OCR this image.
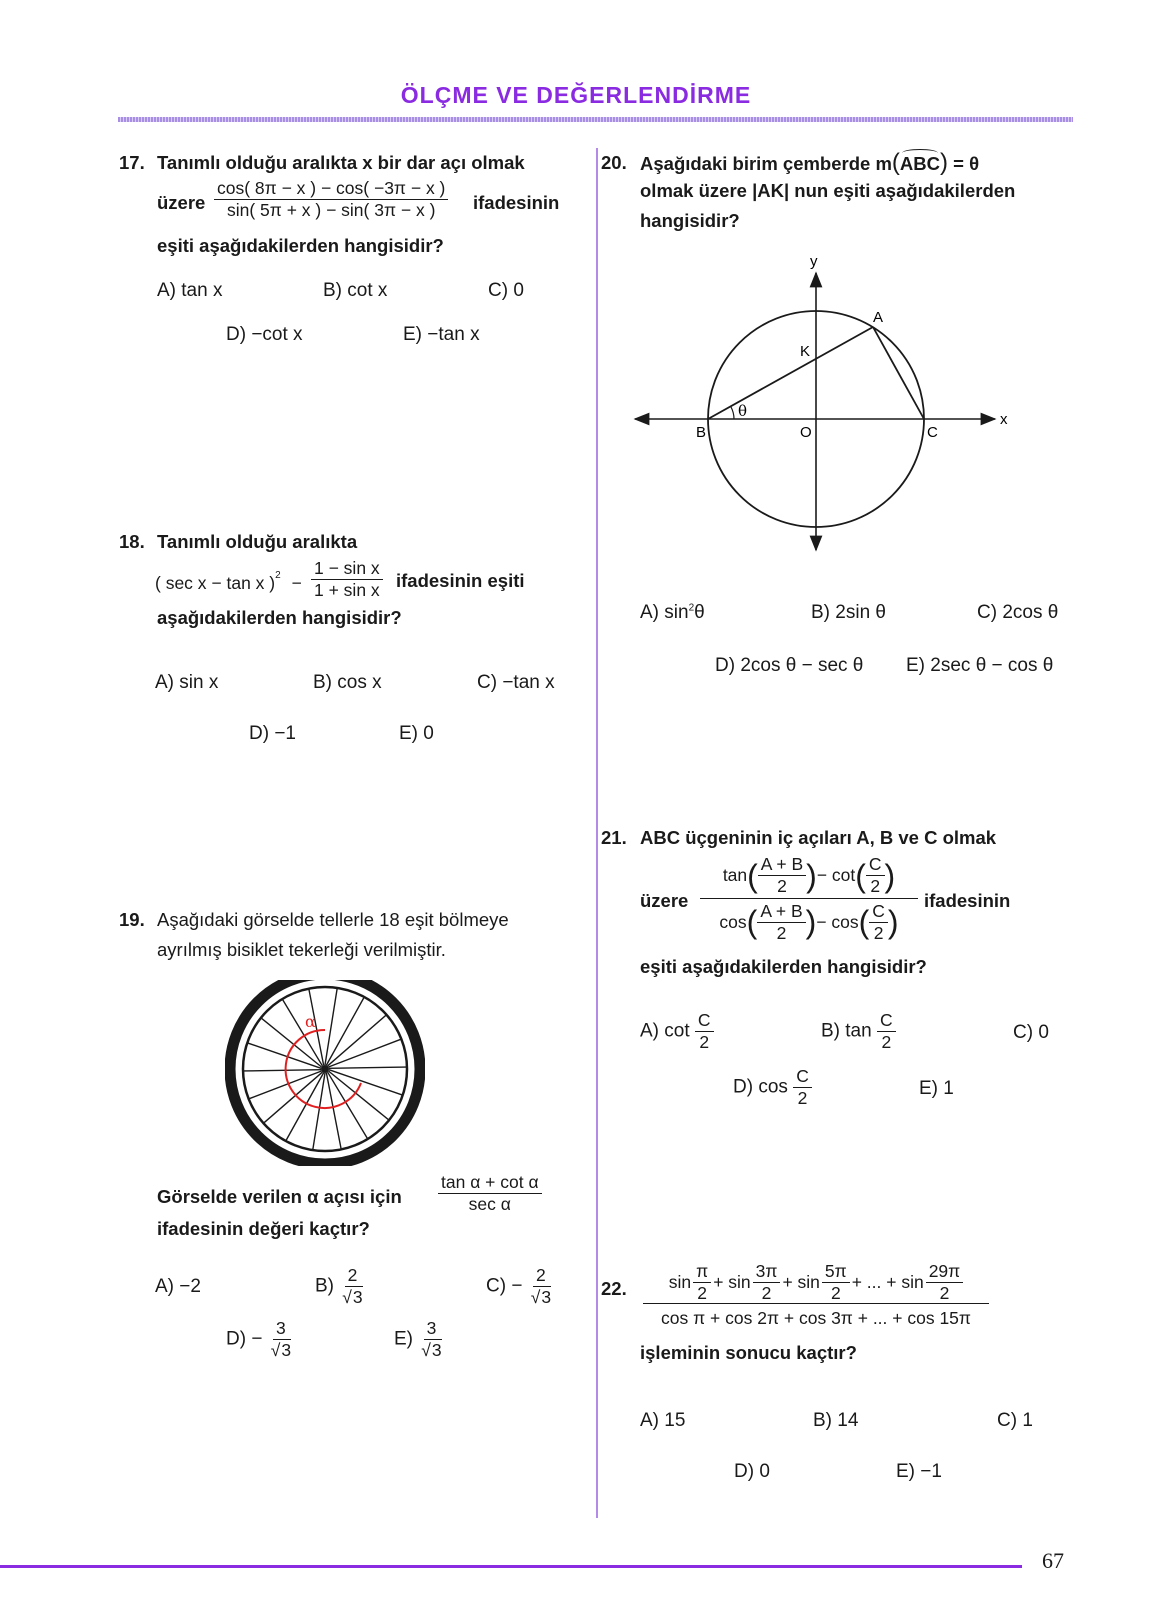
ÖLÇME VE DEĞERLENDİRME
17. Tanımlı olduğu aralıkta x bir dar açı olmak
üzere $\frac{\cos( 8\pi - x ) - \cos( -3\pi - x )}{\sin( 5\pi + x ) - \sin( 3\pi - x )}$ ifadesinin
eşiti aşağıdakilerden hangisidir?
A) tan x	B) cot x	C) 0
D) −cot x	E) −tan x
18. Tanımlı olduğu aralıkta
( sec x − tan x )$^2 - \frac{\text{1 − sin x}}{\text{1 + sin x}}$ ifadesinin eşiti
aşağıdakilerden hangisidir?
A) sin x	B) cos x	C) −tan x
D) −1	E) 0
19. Aşağıdaki görselde tellerle 18 eşit bölmeye
ayrılmış bisiklet tekerleği verilmiştir.
α
Görselde verilen α açısı için $\frac{\text{tan α + cot α}}{\text{sec α}}$
ifadesinin değeri kaçtır?
A) −2	$B) \frac{2}{√3}$	$C) - \frac{2}{√3}$
$D) - \frac{3}{√3}$	$E) \frac{3}{√3}$
20. Aşağıdaki birim çemberde m(
ABC) = θ
olmak üzere |AK| nun eşiti aşağıdakilerden
hangisidir?
y
x
A
K
B	O	C
θ
A) $\sin^2\theta$	B) 2sin θ	C) 2cos θ
D) 2cos θ − sec θ E) 2sec θ − cos θ
21. ABC üçgeninin iç açıları A, B ve C olmak
üzere
tan ( $\frac{A + B}{2}$ ) − cot ( $\frac{C}{2}$ )
cos ( $\frac{A + B}{2}$ ) − cos ( $\frac{C}{2}$ )
ifadesinin
eşiti aşağıdakilerden hangisidir?
A) $\cot \frac{C}{2}$	B) $\tan \frac{C}{2}$	C) 0
D) $\cos \frac{C}{2}$	E) 1
22. $\sin \frac{\pi}{2} + \sin \frac{3\pi}{2} + \sin \frac{5\pi}{2}$ + ... + $\sin \frac{29\pi}{2}$
cos π + cos 2π + cos 3π + ... + cos 15π
işleminin sonucu kaçtır?
A) 15	B) 14	C) 1
D) 0	E) −1
67
